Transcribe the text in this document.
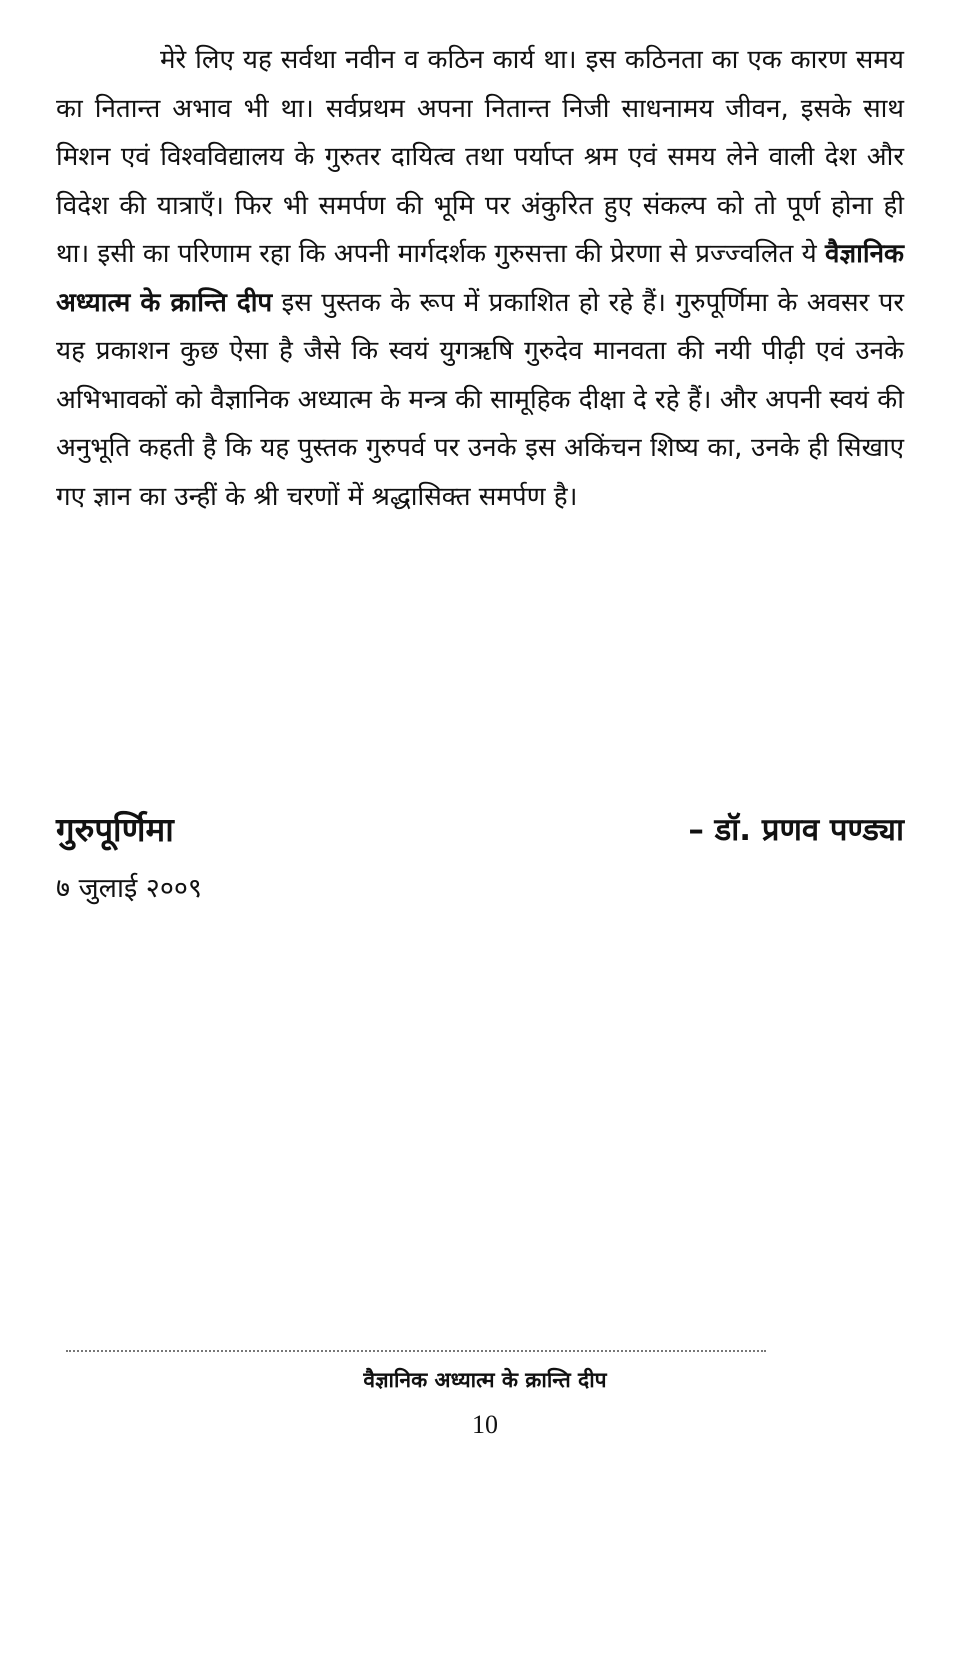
मेरे लिए यह सर्वथा नवीन व कठिन कार्य था। इस कठिनता का एक कारण समय का नितान्त अभाव भी था। सर्वप्रथम अपना नितान्त निजी साधनामय जीवन, इसके साथ मिशन एवं विश्वविद्यालय के गुरुतर दायित्व तथा पर्याप्त श्रम एवं समय लेने वाली देश और विदेश की यात्राएँ। फिर भी समर्पण की भूमि पर अंकुरित हुए संकल्प को तो पूर्ण होना ही था। इसी का परिणाम रहा कि अपनी मार्गदर्शक गुरुसत्ता की प्रेरणा से प्रज्ज्वलित ये वैज्ञानिक अध्यात्म के क्रान्ति दीप इस पुस्तक के रूप में प्रकाशित हो रहे हैं। गुरुपूर्णिमा के अवसर पर यह प्रकाशन कुछ ऐसा है जैसे कि स्वयं युगऋषि गुरुदेव मानवता की नयी पीढ़ी एवं उनके अभिभावकों को वैज्ञानिक अध्यात्म के मन्त्र की सामूहिक दीक्षा दे रहे हैं। और अपनी स्वयं की अनुभूति कहती है कि यह पुस्तक गुरुपर्व पर उनके इस अकिंचन शिष्य का, उनके ही सिखाए गए ज्ञान का उन्हीं के श्री चरणों में श्रद्धासिक्त समर्पण है।

गुरुपूर्णिमा

७ जुलाई २००९

– डॉ. प्रणव पण्ड्या

वैज्ञानिक अध्यात्म के क्रान्ति दीप

10
